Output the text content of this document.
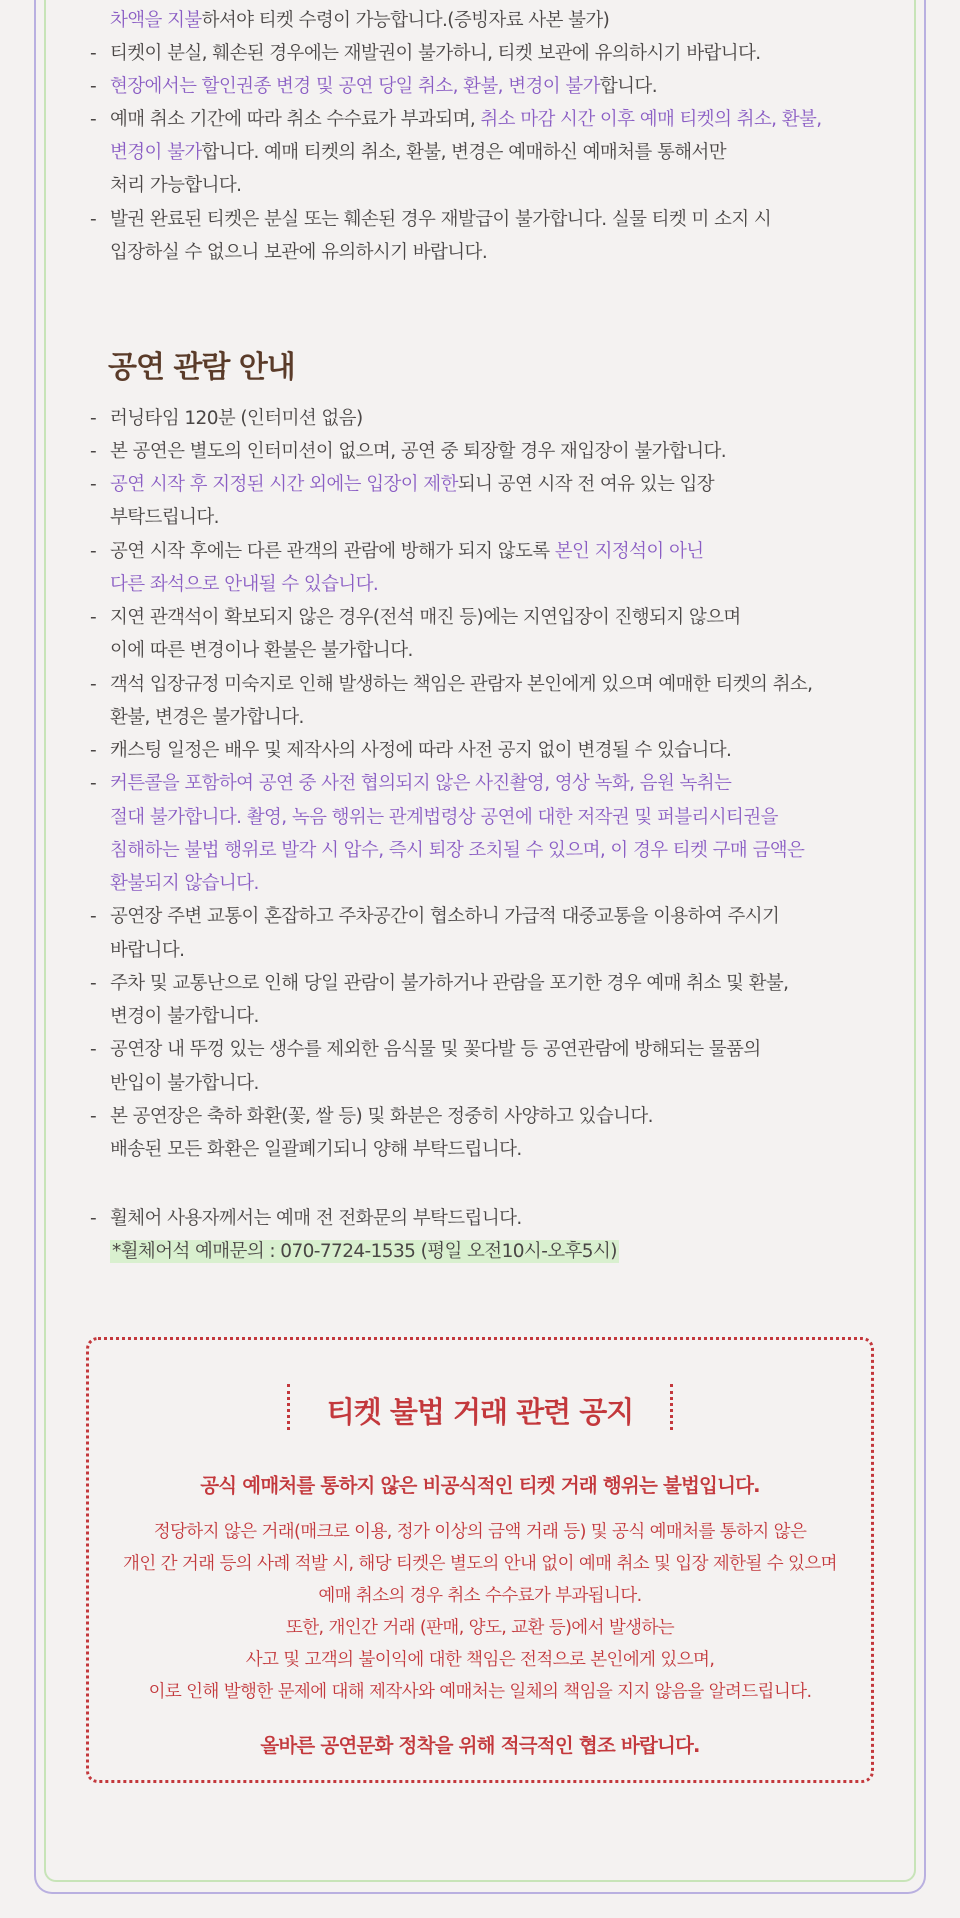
차액을 지불하셔야 티켓 수령이 가능합니다.(증빙자료 사본 불가)
- 티켓이 분실, 훼손된 경우에는 재발권이 불가하니, 티켓 보관에 유의하시기 바랍니다.
- 현장에서는 할인권종 변경 및 공연 당일 취소, 환불, 변경이 불가합니다.
- 예매 취소 기간에 따라 취소 수수료가 부과되며, 취소 마감 시간 이후 예매 티켓의 취소, 환불,
변경이 불가합니다. 예매 티켓의 취소, 환불, 변경은 예매하신 예매처를 통해서만
처리 가능합니다.
- 발권 완료된 티켓은 분실 또는 훼손된 경우 재발급이 불가합니다. 실물 티켓 미 소지 시
입장하실 수 없으니 보관에 유의하시기 바랍니다.
공연 관람 안내
- 러닝타임 120분 (인터미션 없음)
- 본 공연은 별도의 인터미션이 없으며, 공연 중 퇴장할 경우 재입장이 불가합니다.
- 공연 시작 후 지정된 시간 외에는 입장이 제한되니 공연 시작 전 여유 있는 입장
부탁드립니다.
- 공연 시작 후에는 다른 관객의 관람에 방해가 되지 않도록 본인 지정석이 아닌
다른 좌석으로 안내될 수 있습니다.
- 지연 관객석이 확보되지 않은 경우(전석 매진 등)에는 지연입장이 진행되지 않으며
이에 따른 변경이나 환불은 불가합니다.
- 객석 입장규정 미숙지로 인해 발생하는 책임은 관람자 본인에게 있으며 예매한 티켓의 취소,
환불, 변경은 불가합니다.
- 캐스팅 일정은 배우 및 제작사의 사정에 따라 사전 공지 없이 변경될 수 있습니다.
- 커튼콜을 포함하여 공연 중 사전 협의되지 않은 사진촬영, 영상 녹화, 음원 녹취는
절대 불가합니다. 촬영, 녹음 행위는 관계법령상 공연에 대한 저작권 및 퍼블리시티권을
침해하는 불법 행위로 발각 시 압수, 즉시 퇴장 조치될 수 있으며, 이 경우 티켓 구매 금액은
환불되지 않습니다.
- 공연장 주변 교통이 혼잡하고 주차공간이 협소하니 가급적 대중교통을 이용하여 주시기
바랍니다.
- 주차 및 교통난으로 인해 당일 관람이 불가하거나 관람을 포기한 경우 예매 취소 및 환불,
변경이 불가합니다.
- 공연장 내 뚜껑 있는 생수를 제외한 음식물 및 꽃다발 등 공연관람에 방해되는 물품의
반입이 불가합니다.
- 본 공연장은 축하 화환(꽃, 쌀 등) 및 화분은 정중히 사양하고 있습니다.
배송된 모든 화환은 일괄폐기되니 양해 부탁드립니다.
- 휠체어 사용자께서는 예매 전 전화문의 부탁드립니다.
*휠체어석 예매문의 : 070-7724-1535 (평일 오전10시-오후5시)
티켓 불법 거래 관련 공지
공식 예매처를 통하지 않은 비공식적인 티켓 거래 행위는 불법입니다.
정당하지 않은 거래(매크로 이용, 정가 이상의 금액 거래 등) 및 공식 예매처를 통하지 않은
개인 간 거래 등의 사례 적발 시, 해당 티켓은 별도의 안내 없이 예매 취소 및 입장 제한될 수 있으며
예매 취소의 경우 취소 수수료가 부과됩니다.
또한, 개인간 거래 (판매, 양도, 교환 등)에서 발생하는
사고 및 고객의 불이익에 대한 책임은 전적으로 본인에게 있으며,
이로 인해 발행한 문제에 대해 제작사와 예매처는 일체의 책임을 지지 않음을 알려드립니다.
올바른 공연문화 정착을 위해 적극적인 협조 바랍니다.
